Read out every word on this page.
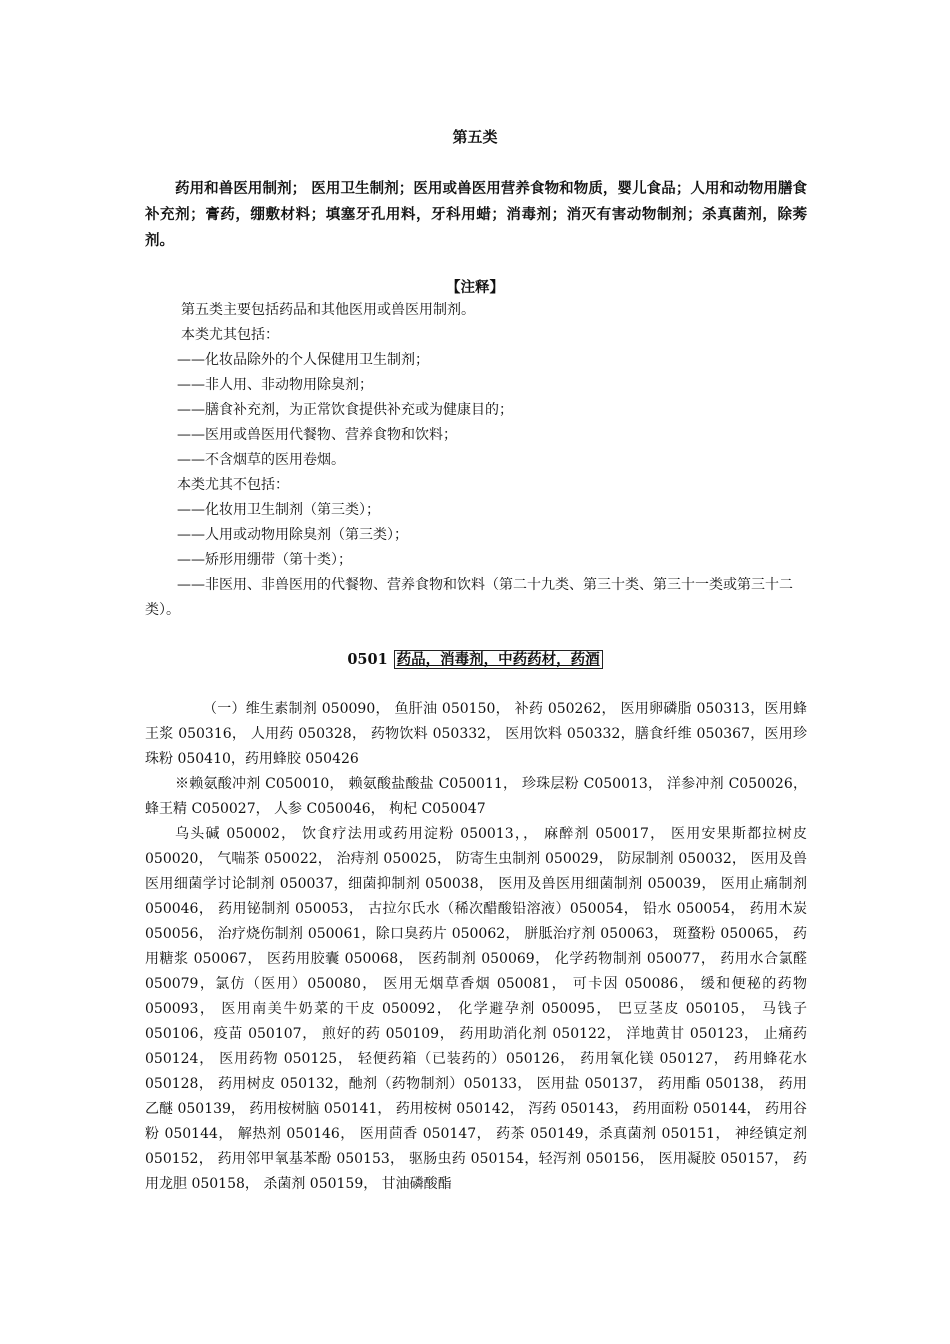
第五类
药用和兽医用制剂； 医用卫生制剂；医用或兽医用营养食物和物质，婴儿食品；人用和动物用膳食补充剂；膏药，绷敷材料；填塞牙孔用料，牙科用蜡；消毒剂；消灭有害动物制剂；杀真菌剂，除莠剂。
【注释】
第五类主要包括药品和其他医用或兽医用制剂。
本类尤其包括：
——化妆品除外的个人保健用卫生制剂；
——非人用、非动物用除臭剂；
——膳食补充剂，为正常饮食提供补充或为健康目的；
——医用或兽医用代餐物、营养食物和饮料；
——不含烟草的医用卷烟。
本类尤其不包括：
——化妆用卫生制剂（第三类）；
——人用或动物用除臭剂（第三类）；
——矫形用绷带（第十类）；
——非医用、非兽医用的代餐物、营养食物和饮料（第二十九类、第三十类、第三十一类或第三十二类）。
0501 药品，消毒剂，中药药材，药酒

（一）维生素制剂 050090， 鱼肝油 050150， 补药 050262， 医用卵磷脂 050313，医用蜂王浆 050316， 人用药 050328， 药物饮料 050332， 医用饮料 050332，膳食纤维 050367，医用珍珠粉 050410，药用蜂胶 050426

※赖氨酸冲剂 C050010， 赖氨酸盐酸盐 C050011， 珍珠层粉 C050013， 洋参冲剂 C050026， 蜂王精 C050027， 人参 C050046， 枸杞 C050047

乌头碱 050002， 饮食疗法用或药用淀粉 050013，， 麻醉剂 050017， 医用安果斯都拉树皮 050020， 气喘茶 050022， 治痔剂 050025， 防寄生虫制剂 050029， 防尿制剂 050032， 医用及兽医用细菌学讨论制剂 050037，细菌抑制剂 050038， 医用及兽医用细菌制剂 050039， 医用止痛制剂 050046， 药用铋制剂 050053， 古拉尔氏水（稀次醋酸铅溶液）050054， 铅水 050054， 药用木炭 050056， 治疗烧伤制剂 050061，除口臭药片 050062， 胼胝治疗剂 050063， 斑蝥粉 050065， 药用糖浆 050067， 医药用胶囊 050068， 医药制剂 050069， 化学药物制剂 050077， 药用水合氯醛 050079，氯仿（医用）050080， 医用无烟草香烟 050081， 可卡因 050086， 缓和便秘的药物 050093， 医用南美牛奶菜的干皮 050092， 化学避孕剂 050095， 巴豆茎皮 050105， 马钱子 050106，疫苗 050107， 煎好的药 050109， 药用助消化剂 050122， 洋地黄甘 050123， 止痛药 050124， 医用药物 050125， 轻便药箱（已装药的）050126， 药用氧化镁 050127， 药用蜂花水 050128， 药用树皮 050132，酏剂（药物制剂）050133， 医用盐 050137， 药用酯 050138， 药用乙醚 050139， 药用桉树脑 050141， 药用桉树 050142， 泻药 050143， 药用面粉 050144， 药用谷粉 050144， 解热剂 050146， 医用茴香 050147， 药茶 050149，杀真菌剂 050151， 神经镇定剂 050152， 药用邻甲氧基苯酚 050153， 驱肠虫药 050154，轻泻剂 050156， 医用凝胶 050157， 药用龙胆 050158， 杀菌剂 050159， 甘油磷酸酯
